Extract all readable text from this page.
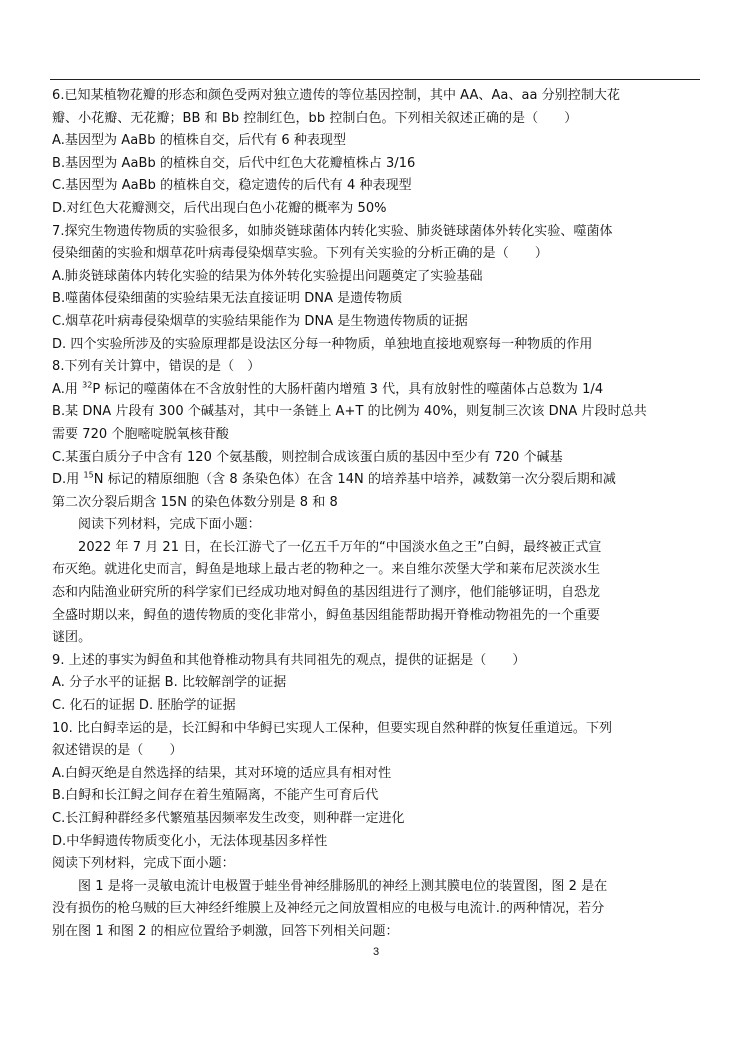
6.已知某植物花瓣的形态和颜色受两对独立遗传的等位基因控制，其中 AA、Aa、aa 分别控制大花
瓣、小花瓣、无花瓣；BB 和 Bb 控制红色，bb 控制白色。下列相关叙述正确的是（　　）
A.基因型为 AaBb 的植株自交，后代有 6 种表现型
B.基因型为 AaBb 的植株自交，后代中红色大花瓣植株占 3/16
C.基因型为 AaBb 的植株自交，稳定遗传的后代有 4 种表现型
D.对红色大花瓣测交，后代出现白色小花瓣的概率为 50%
7.探究生物遗传物质的实验很多，如肺炎链球菌体内转化实验、肺炎链球菌体外转化实验、噬菌体
侵染细菌的实验和烟草花叶病毒侵染烟草实验。下列有关实验的分析正确的是（　　）
A.肺炎链球菌体内转化实验的结果为体外转化实验提出问题奠定了实验基础
B.噬菌体侵染细菌的实验结果无法直接证明 DNA 是遗传物质
C.烟草花叶病毒侵染烟草的实验结果能作为 DNA 是生物遗传物质的证据
D. 四个实验所涉及的实验原理都是设法区分每一种物质，单独地直接地观察每一种物质的作用
8.下列有关计算中，错误的是（　）
A.用 $^{32}$P 标记的噬菌体在不含放射性的大肠杆菌内增殖 3 代，具有放射性的噬菌体占总数为 1/4
B.某 DNA 片段有 300 个碱基对，其中一条链上 A+T 的比例为 40%，则复制三次该 DNA 片段时总共
需要 720 个胞嘧啶脱氧核苷酸
C.某蛋白质分子中含有 120 个氨基酸，则控制合成该蛋白质的基因中至少有 720 个碱基
D.用 $^{15}$N 标记的精原细胞（含 8 条染色体）在含 14N 的培养基中培养，减数第一次分裂后期和减
第二次分裂后期含 15N 的染色体数分别是 8 和 8
阅读下列材料，完成下面小题：
2022 年 7 月 21 日，在长江游弋了一亿五千万年的“中国淡水鱼之王”白鲟，最终被正式宣
布灭绝。就进化史而言，鲟鱼是地球上最古老的物种之一。来自维尔茨堡大学和莱布尼茨淡水生
态和内陆渔业研究所的科学家们已经成功地对鲟鱼的基因组进行了测序，他们能够证明，自恐龙
全盛时期以来，鲟鱼的遗传物质的变化非常小，鲟鱼基因组能帮助揭开脊椎动物祖先的一个重要
谜团。
9. 上述的事实为鲟鱼和其他脊椎动物具有共同祖先的观点，提供的证据是（　　）
A. 分子水平的证据 B. 比较解剖学的证据
C. 化石的证据 D. 胚胎学的证据
10. 比白鲟幸运的是，长江鲟和中华鲟已实现人工保种，但要实现自然种群的恢复任重道远。下列
叙述错误的是（　　）
A.白鲟灭绝是自然选择的结果，其对环境的适应具有相对性
B.白鲟和长江鲟之间存在着生殖隔离，不能产生可育后代
C.长江鲟种群经多代繁殖基因频率发生改变，则种群一定进化
D.中华鲟遗传物质变化小，无法体现基因多样性
阅读下列材料，完成下面小题：
图 1 是将一灵敏电流计电极置于蛙坐骨神经腓肠肌的神经上测其膜电位的装置图，图 2 是在
没有损伤的枪乌贼的巨大神经纤维膜上及神经元之间放置相应的电极与电流计.的两种情况，若分
别在图 1 和图 2 的相应位置给予刺激，回答下列相关问题：
3
